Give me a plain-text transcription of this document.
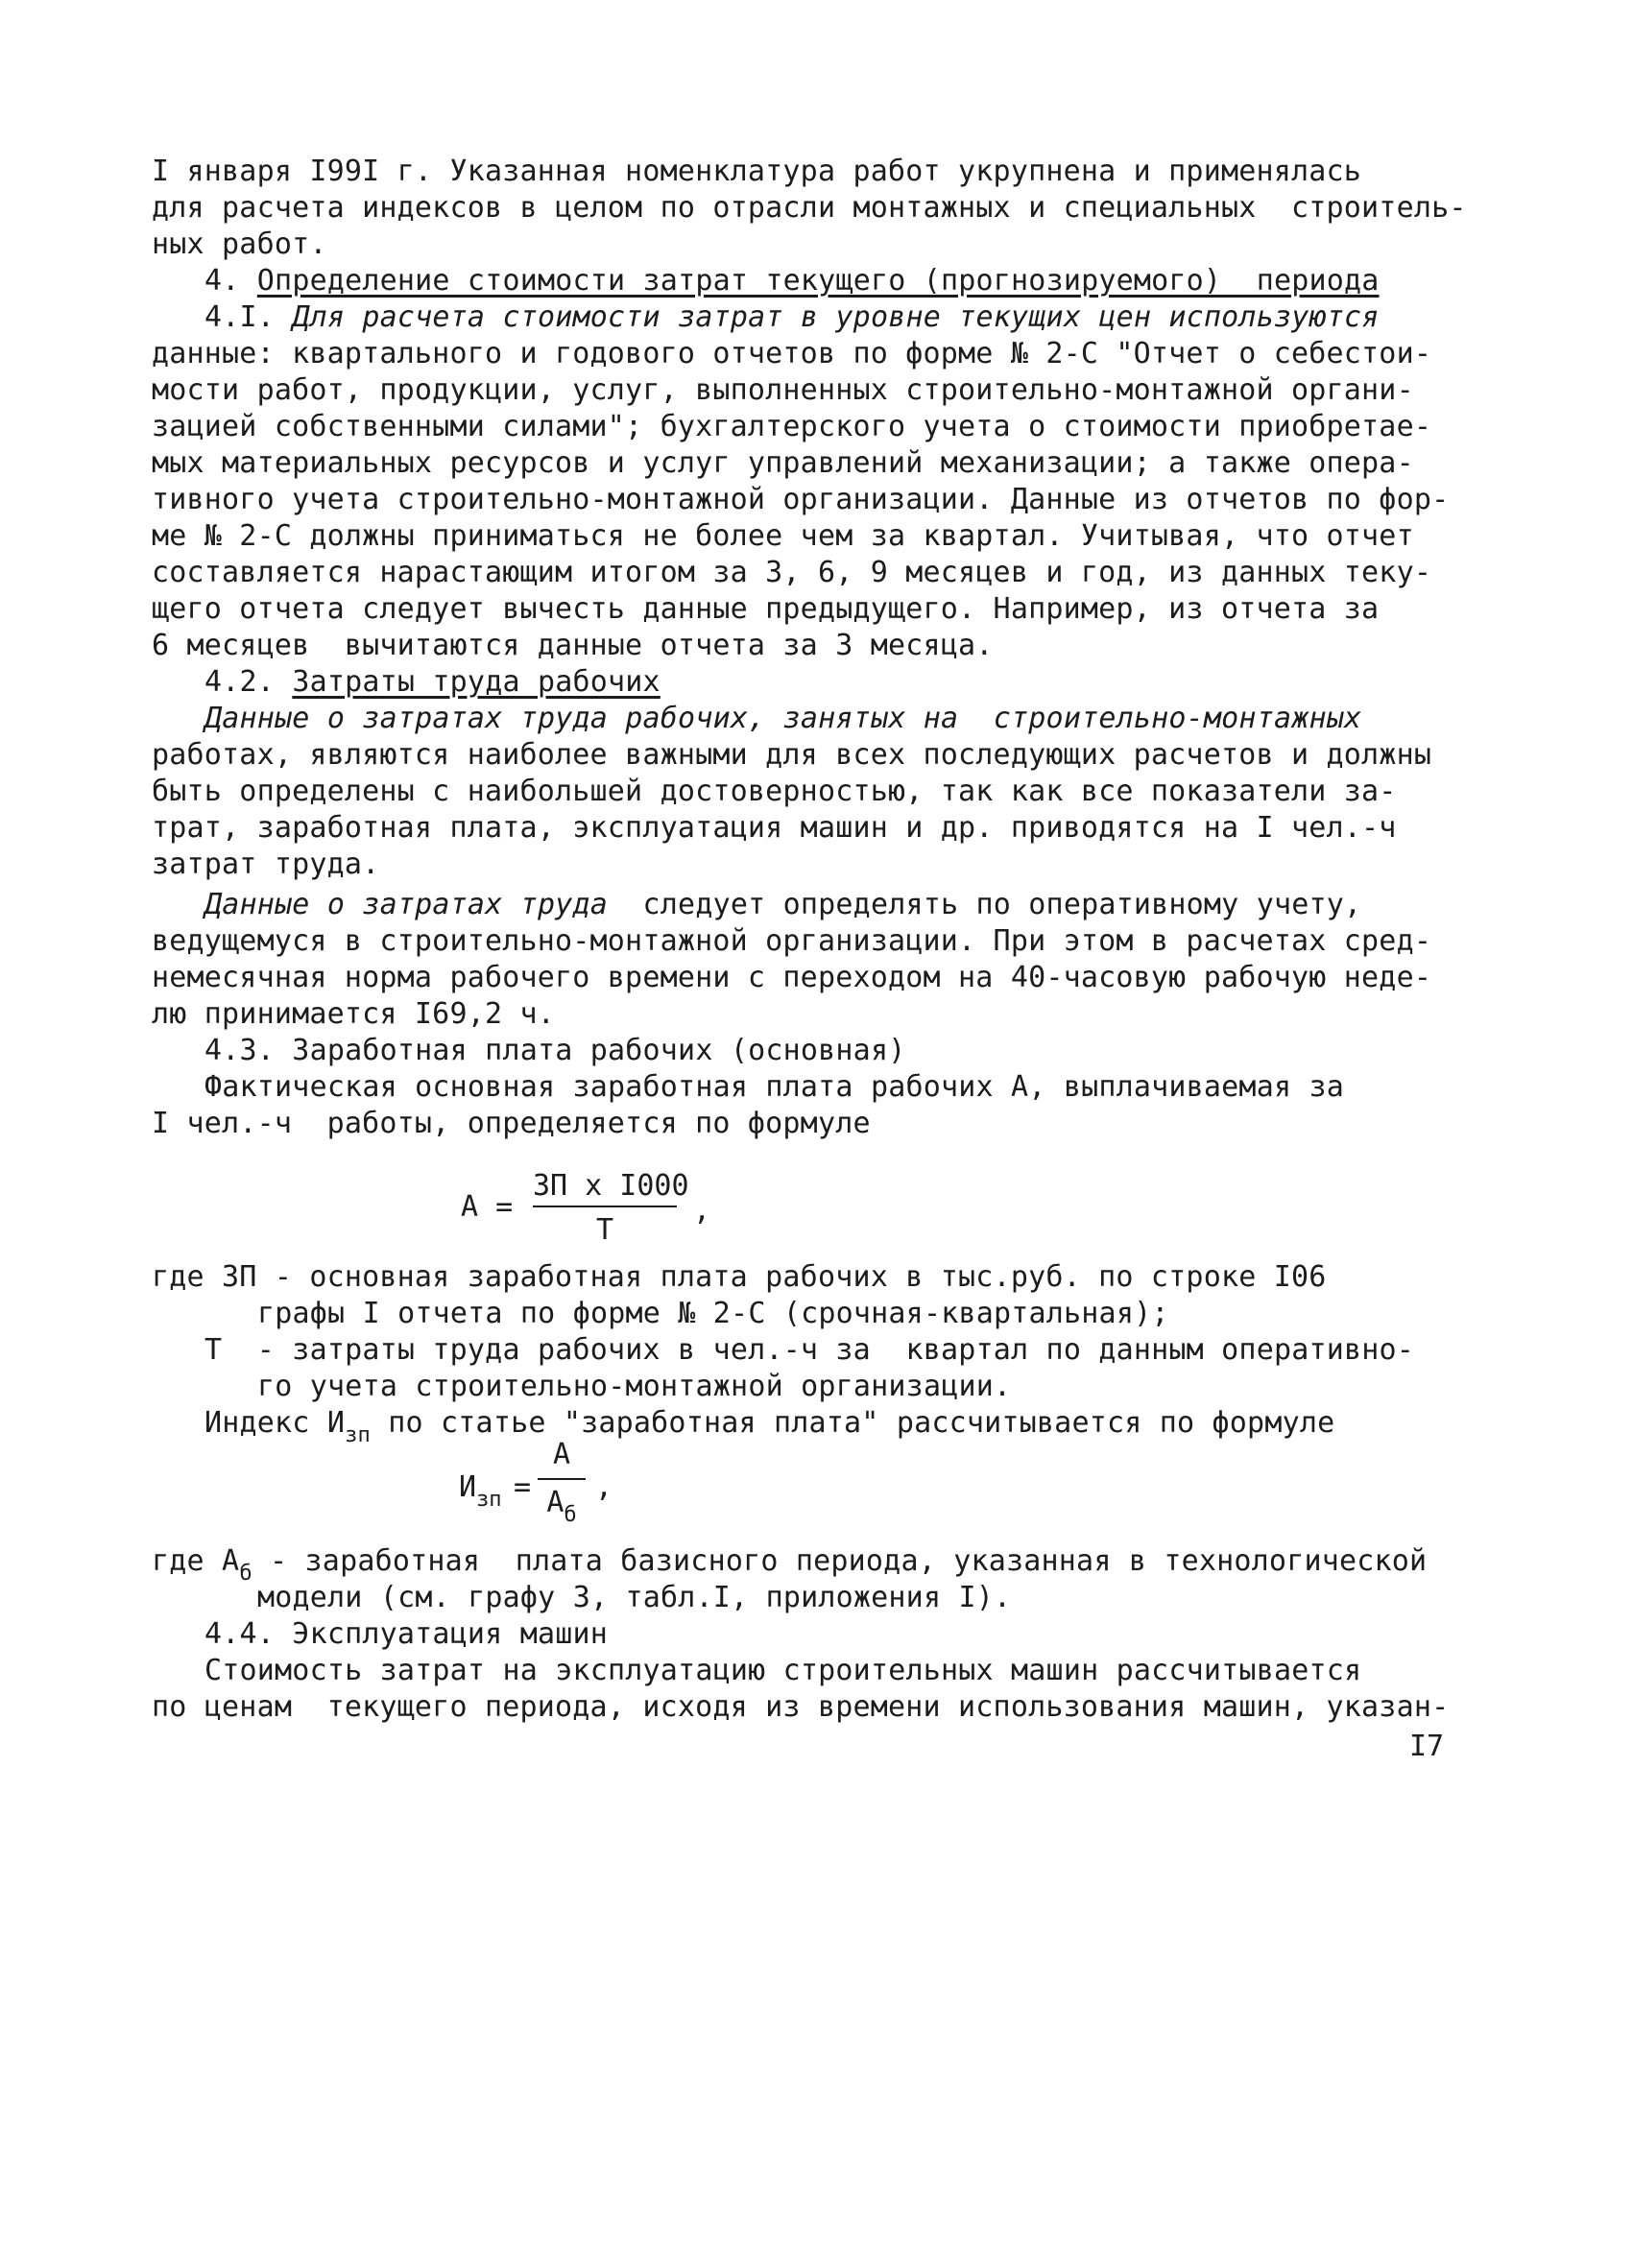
I января I99I г. Указанная номенклатура работ укрупнена и применялась
для расчета индексов в целом по отрасли монтажных и специальных  строитель-
ных работ.
4. Определение стоимости затрат текущего (прогнозируемого)  периода
4.I. Для расчета стоимости затрат в уровне текущих цен используются
данные: квартального и годового отчетов по форме № 2-С "Отчет о себестои-
мости работ, продукции, услуг, выполненных строительно-монтажной органи-
зацией собственными силами"; бухгалтерского учета о стоимости приобретае-
мых материальных ресурсов и услуг управлений механизации; а также опера-
тивного учета строительно-монтажной организации. Данные из отчетов по фор-
ме № 2-С должны приниматься не более чем за квартал. Учитывая, что отчет
составляется нарастающим итогом за 3, 6, 9 месяцев и год, из данных теку-
щего отчета следует вычесть данные предыдущего. Например, из отчета за
6 месяцев  вычитаются данные отчета за 3 месяца.
4.2. Затраты труда рабочих
Данные о затратах труда рабочих, занятых на  строительно-монтажных
работах, являются наиболее важными для всех последующих расчетов и должны
быть определены с наибольшей достоверностью, так как все показатели за-
трат, заработная плата, эксплуатация машин и др. приводятся на I чел.-ч
затрат труда.
Данные о затратах труда  следует определять по оперативному учету,
ведущемуся в строительно-монтажной организации. При этом в расчетах сред-
немесячная норма рабочего времени с переходом на 40-часовую рабочую неде-
лю принимается I69,2 ч.
4.3. Заработная плата рабочих (основная)
Фактическая основная заработная плата рабочих А, выплачиваемая за
I чел.-ч  работы, определяется по формуле
А =
ЗП х I000
Т
,
где ЗП - основная заработная плата рабочих в тыс.руб. по строке I06
графы I отчета по форме № 2-С (срочная-квартальная);
Т  - затраты труда рабочих в чел.-ч за  квартал по данным оперативно-
го учета строительно-монтажной организации.
Индекс $И_{зп}$ по статье "заработная плата" рассчитывается по формуле
$И_{зп}$ =
А
$А_б$
,
где $А_б$ - заработная  плата базисного периода, указанная в технологической
модели (см. графу 3, табл.I, приложения I).
4.4. Эксплуатация машин
Стоимость затрат на эксплуатацию строительных машин рассчитывается
по ценам  текущего периода, исходя из времени использования машин, указан-
I7
